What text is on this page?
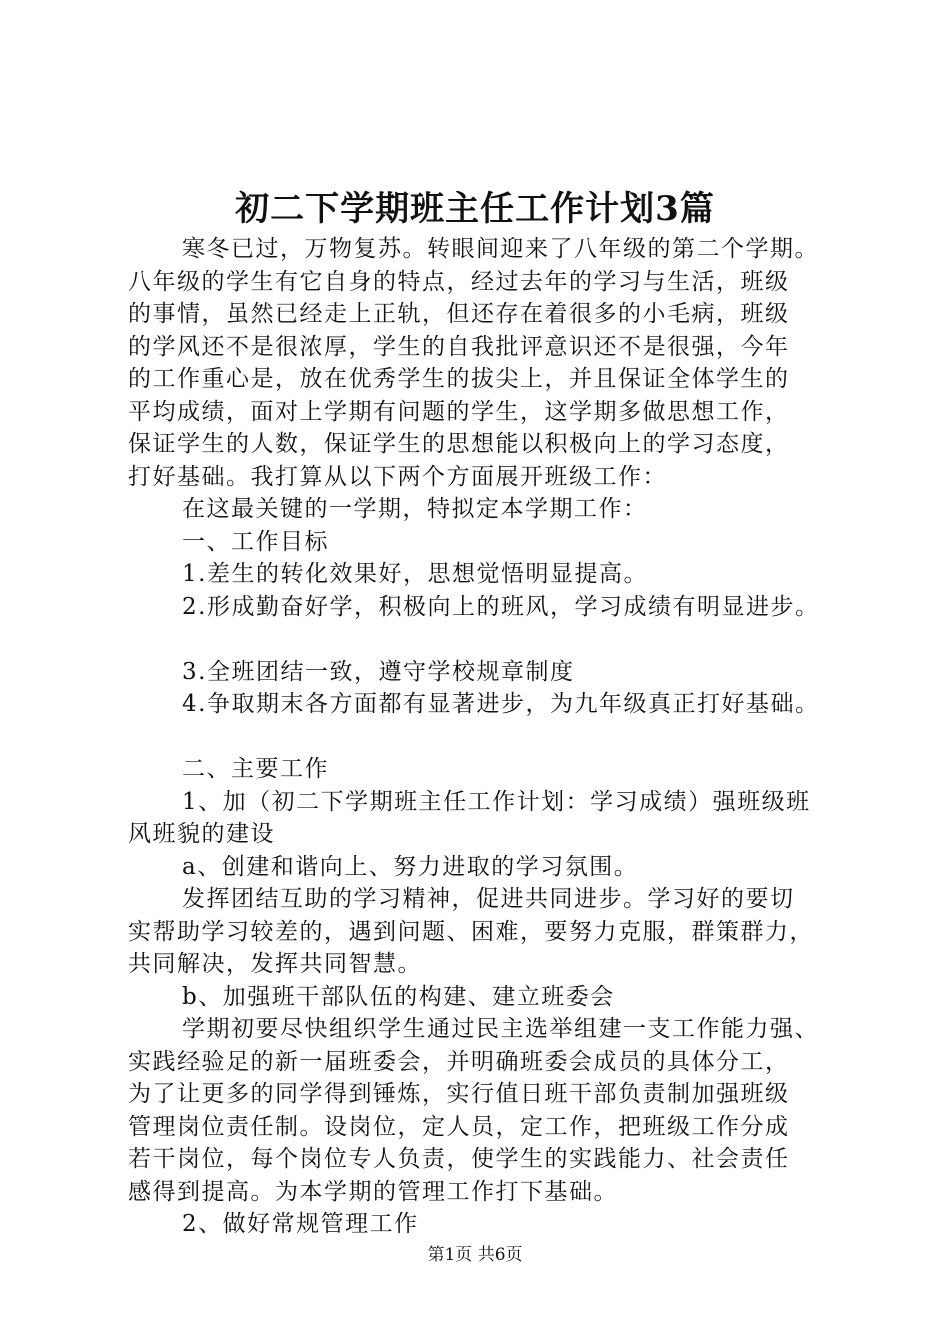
初二下学期班主任工作计划3篇
寒冬已过，万物复苏。转眼间迎来了八年级的第二个学期。
八年级的学生有它自身的特点，经过去年的学习与生活，班级
的事情，虽然已经走上正轨，但还存在着很多的小毛病，班级
的学风还不是很浓厚，学生的自我批评意识还不是很强，今年
的工作重心是，放在优秀学生的拔尖上，并且保证全体学生的
平均成绩，面对上学期有问题的学生，这学期多做思想工作，
保证学生的人数，保证学生的思想能以积极向上的学习态度，
打好基础。我打算从以下两个方面展开班级工作：
在这最关键的一学期，特拟定本学期工作：
一、工作目标
1.差生的转化效果好，思想觉悟明显提高。
2.形成勤奋好学，积极向上的班风，学习成绩有明显进步。
3.全班团结一致，遵守学校规章制度
4.争取期末各方面都有显著进步，为九年级真正打好基础。
二、主要工作
1、加（初二下学期班主任工作计划：学习成绩）强班级班
风班貌的建设
a、创建和谐向上、努力进取的学习氛围。
发挥团结互助的学习精神，促进共同进步。学习好的要切
实帮助学习较差的，遇到问题、困难，要努力克服，群策群力，
共同解决，发挥共同智慧。
b、加强班干部队伍的构建、建立班委会
学期初要尽快组织学生通过民主选举组建一支工作能力强、
实践经验足的新一届班委会，并明确班委会成员的具体分工，
为了让更多的同学得到锤炼，实行值日班干部负责制加强班级
管理岗位责任制。设岗位，定人员，定工作，把班级工作分成
若干岗位，每个岗位专人负责，使学生的实践能力、社会责任
感得到提高。为本学期的管理工作打下基础。
2、做好常规管理工作
第1页 共6页
